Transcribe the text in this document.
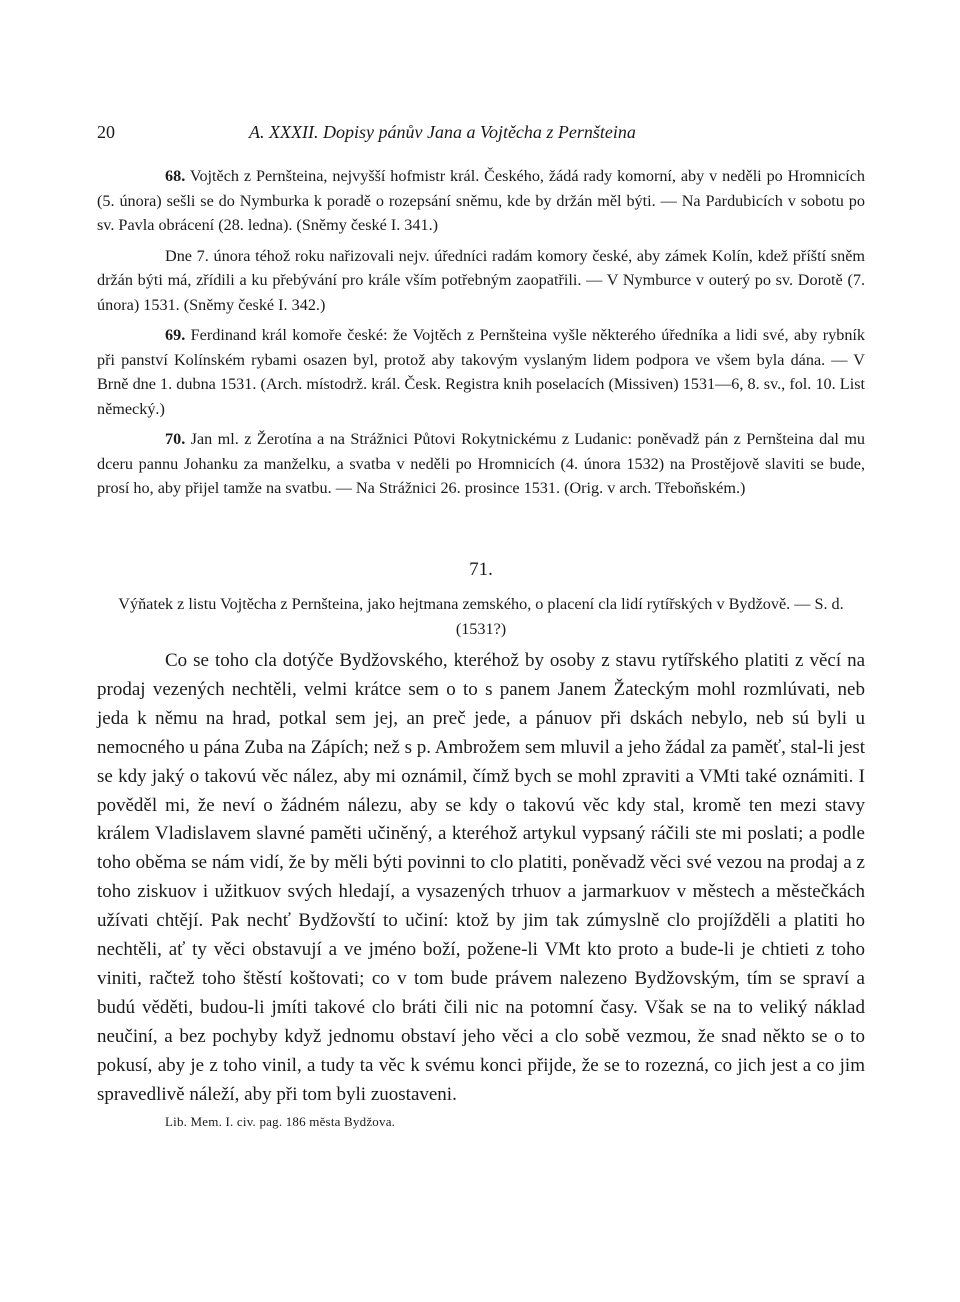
20	A. XXXII. Dopisy pánův Jana a Vojtěcha z Pernšteina

68. Vojtěch z Pernšteina, nejvyšší hofmistr král. Českého, žádá rady komorní, aby v neděli po Hromnicích (5. února) sešli se do Nymburka k poradě o rozepsání sněmu, kde by držán měl býti. — Na Pardubicích v sobotu po sv. Pavla obrácení (28. ledna). (Sněmy české I. 341.)

Dne 7. února téhož roku nařizovali nejv. úředníci radám komory české, aby zámek Kolín, kdež příští sněm držán býti má, zřídili a ku přebývání pro krále vším potřebným zaopatřili. — V Nymburce v outerý po sv. Dorotě (7. února) 1531. (Sněmy české I. 342.)

69. Ferdinand král komoře české: že Vojtěch z Pernšteina vyšle některého úředníka a lidi své, aby rybník při panství Kolínském rybami osazen byl, protož aby takovým vyslaným lidem podpora ve všem byla dána. — V Brně dne 1. dubna 1531. (Arch. místodrž. král. Česk. Registra knih poselacích (Missiven) 1531—6, 8. sv., fol. 10. List německý.)

70. Jan ml. z Žerotína a na Strážnici Půtovi Rokytnickému z Ludanic: poněvadž pán z Pernšteina dal mu dceru pannu Johanku za manželku, a svatba v neděli po Hromnicích (4. února 1532) na Prostějově slaviti se bude, prosí ho, aby přijel tamže na svatbu. — Na Strážnici 26. prosince 1531. (Orig. v arch. Třeboňském.)

71.
Výňatek z listu Vojtěcha z Pernšteina, jako hejtmana zemského, o placení cla lidí rytířských v Bydžově. — S. d. (1531?)

Co se toho cla dotýče Bydžovského, kteréhož by osoby z stavu rytířského platiti z věcí na prodaj vezených nechtěli, velmi krátce sem o to s panem Janem Žateckým mohl rozmlúvati, neb jeda k němu na hrad, potkal sem jej, an preč jede, a pánuov při dskách nebylo, neb sú byli u nemocného u pána Zuba na Zápích; než s p. Ambrožem sem mluvil a jeho žádal za paměť, stal-li jest se kdy jaký o takovú věc nález, aby mi oznámil, čímž bych se mohl zpraviti a VMti také oznámiti. I pověděl mi, že neví o žádném nálezu, aby se kdy o takovú věc kdy stal, kromě ten mezi stavy králem Vladislavem slavné paměti učiněný, a kteréhož artykul vypsaný ráčili ste mi poslati; a podle toho oběma se nám vidí, že by měli býti povinni to clo platiti, poněvadž věci své vezou na prodaj a z toho ziskuov i užitkuov svých hledají, a vysazených trhuov a jarmarkuov v městech a městečkách užívati chtějí. Pak nechť Bydžovští to učiní: ktož by jim tak zúmyslně clo projížděli a platiti ho nechtěli, ať ty věci obstavují a ve jméno boží, požene-li VMt kto proto a bude-li je chtieti z toho viniti, račtež toho štěstí koštovati; co v tom bude právem nalezeno Bydžovským, tím se spraví a budú věděti, budou-li jmíti takové clo bráti čili nic na potomní časy. Však se na to veliký náklad neučiní, a bez pochyby když jednomu obstaví jeho věci a clo sobě vezmou, že snad někto se o to pokusí, aby je z toho vinil, a tudy ta věc k svému konci přijde, že se to rozezná, co jich jest a co jim spravedlivě náleží, aby při tom byli zuostaveni.

Lib. Mem. I. civ. pag. 186 města Bydžova.
